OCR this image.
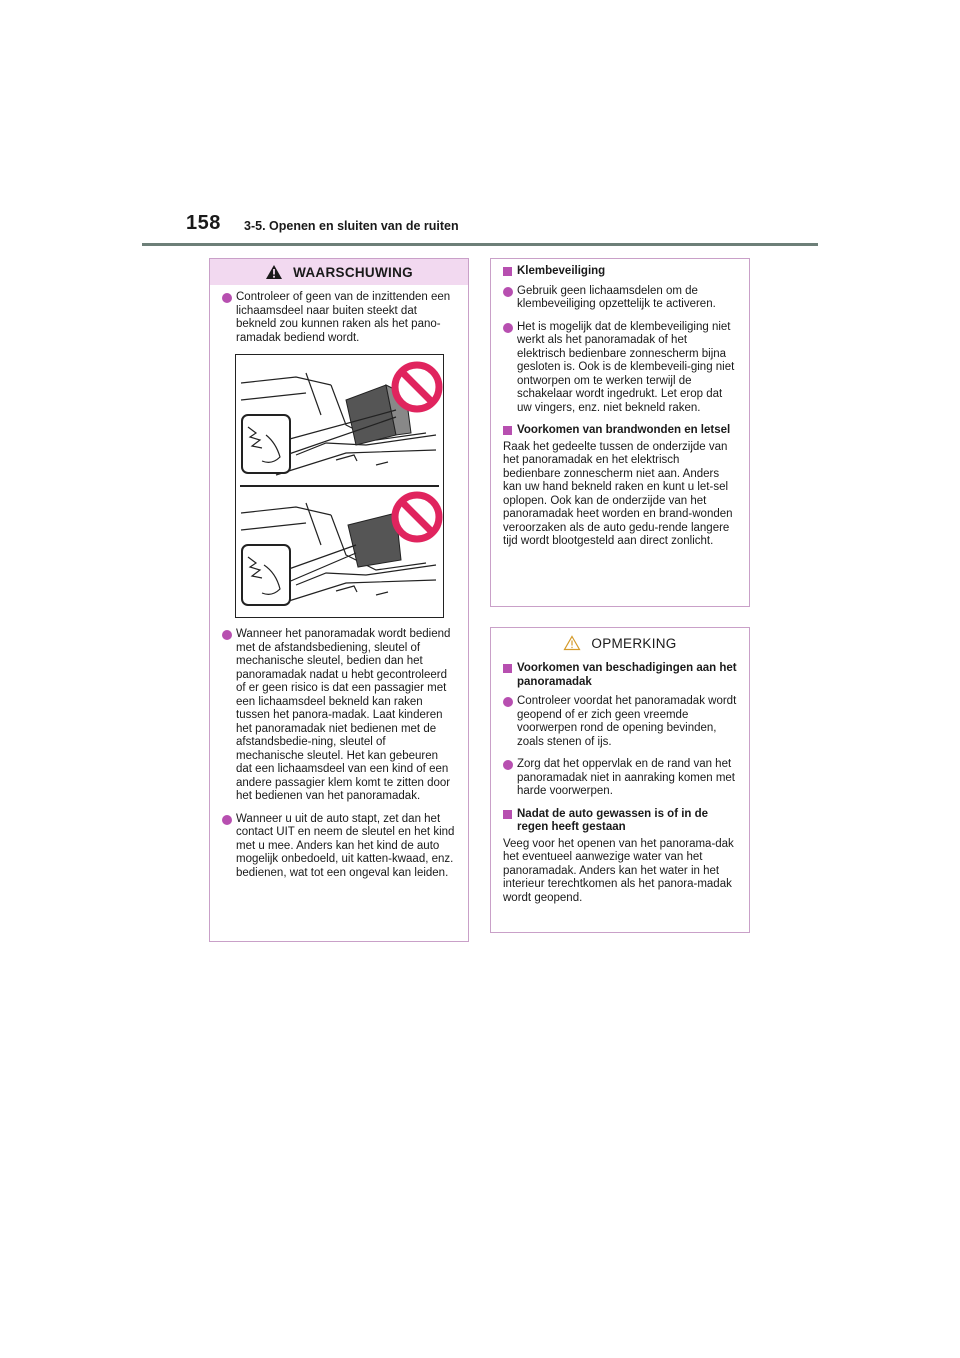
158 3-5. Openen en sluiten van de ruiten
WAARSCHUWING
Controleer of geen van de inzittenden een lichaamsdeel naar buiten steekt dat bekneld zou kunnen raken als het pano-ramadak bediend wordt.
Wanneer het panoramadak wordt bediend met de afstandsbediening, sleutel of mechanische sleutel, bedien dan het panoramadak nadat u hebt gecontroleerd of er geen risico is dat een passagier met een lichaamsdeel bekneld kan raken tussen het panora-madak. Laat kinderen het panoramadak niet bedienen met de afstandsbedie-ning, sleutel of mechanische sleutel. Het kan gebeuren dat een lichaamsdeel van een kind of een andere passagier klem komt te zitten door het bedienen van het panoramadak.
Wanneer u uit de auto stapt, zet dan het contact UIT en neem de sleutel en het kind met u mee. Anders kan het kind de auto mogelijk onbedoeld, uit katten-kwaad, enz. bedienen, wat tot een ongeval kan leiden.
Klembeveiliging
Gebruik geen lichaamsdelen om de klembeveiliging opzettelijk te activeren.
Het is mogelijk dat de klembeveiliging niet werkt als het panoramadak of het elektrisch bedienbare zonnescherm bijna gesloten is. Ook is de klembeveili-ging niet ontworpen om te werken terwijl de schakelaar wordt ingedrukt. Let erop dat uw vingers, enz. niet bekneld raken.
Voorkomen van brandwonden en letsel
Raak het gedeelte tussen de onderzijde van het panoramadak en het elektrisch bedienbare zonnescherm niet aan. Anders kan uw hand bekneld raken en kunt u let-sel oplopen. Ook kan de onderzijde van het panoramadak heet worden en brand-wonden veroorzaken als de auto gedu-rende langere tijd wordt blootgesteld aan direct zonlicht.
OPMERKING
Voorkomen van beschadigingen aan het panoramadak
Controleer voordat het panoramadak wordt geopend of er zich geen vreemde voorwerpen rond de opening bevinden, zoals stenen of ijs.
Zorg dat het oppervlak en de rand van het panoramadak niet in aanraking komen met harde voorwerpen.
Nadat de auto gewassen is of in de regen heeft gestaan
Veeg voor het openen van het panorama-dak het eventueel aanwezige water van het panoramadak. Anders kan het water in het interieur terechtkomen als het panora-madak wordt geopend.
